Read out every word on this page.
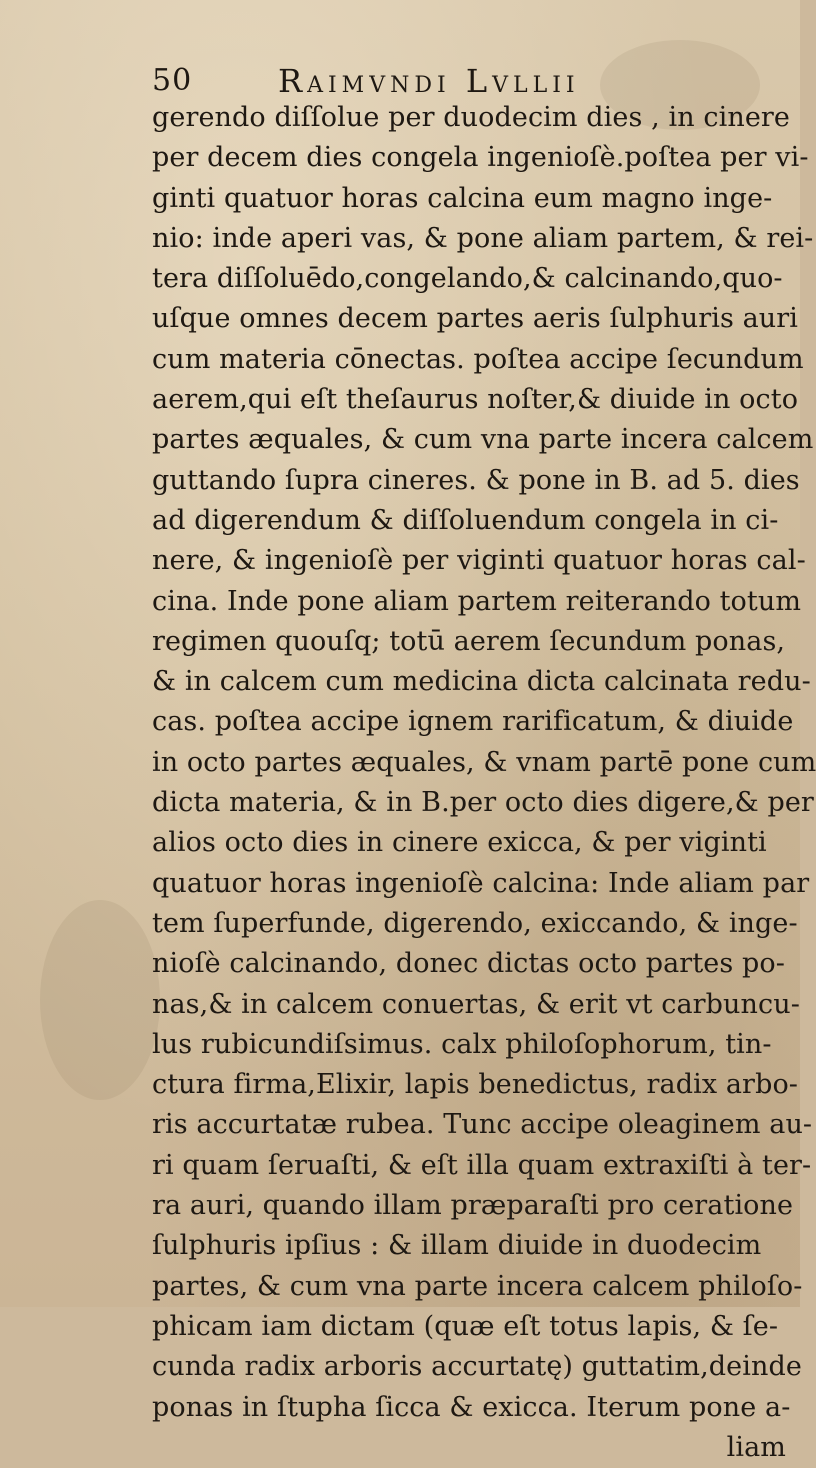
50	Raimvndi Lvllii
gerendo diſſolue per duodecim dies , in cinere
per decem dies congela ingenioſè.poſtea per vi-
ginti quatuor horas calcina eum magno inge-
nio: inde aperi vas, & pone aliam partem, & rei-
tera diſſoluēdo,congelando,& calcinando,quo-
uſque omnes decem partes aeris ſulphuris auri
cum materia cōnectas. poſtea accipe ſecundum
aerem,qui eſt theſaurus noſter,& diuide in octo
partes æquales, & cum vna parte incera calcem
guttando ſupra cineres. & pone in B. ad 5. dies
ad digerendum & diſſoluendum congela in ci-
nere, & ingenioſè per viginti quatuor horas cal-
cina. Inde pone aliam partem reiterando totum
regimen quouſq; totū aerem ſecundum ponas,
& in calcem cum medicina dicta calcinata redu-
cas. poſtea accipe ignem rarificatum, & diuide
in octo partes æquales, & vnam partē pone cum
dicta materia, & in B.per octo dies digere,& per
alios octo dies in cinere exicca, & per viginti
quatuor horas ingenioſè calcina: Inde aliam par
tem ſuperfunde, digerendo, exiccando, & inge-
nioſè calcinando, donec dictas octo partes po-
nas,& in calcem conuertas, & erit vt carbuncu-
lus rubicundiſsimus. calx philoſophorum, tin-
ctura firma,Elixir, lapis benedictus, radix arbo-
ris accurtatæ rubea. Tunc accipe oleaginem au-
ri quam ſeruaſti, & eſt illa quam extraxiſti à ter-
ra auri, quando illam præparaſti pro ceratione
ſulphuris ipſius : & illam diuide in duodecim
partes, & cum vna parte incera calcem philoſo-
phicam iam dictam (quæ eſt totus lapis, & ſe-
cunda radix arboris accurtatę) guttatim,deinde
ponas in ſtupha ſicca & exicca. Iterum pone a-
liam
